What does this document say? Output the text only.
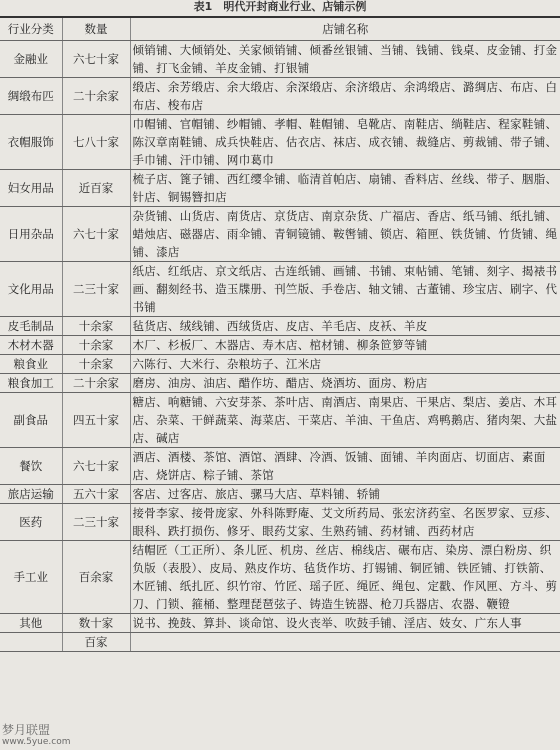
表1　明代开封商业行业、店铺示例
行业分类	数量	店铺名称
金融业	六七十家	倾销铺、大倾销处、关家倾销铺、倾番丝银铺、当铺、钱铺、钱桌、皮金铺、打金铺、打飞金铺、羊皮金铺、打银铺
绸缎布匹	二十余家	缎店、余芳缎店、余大缎店、余深缎店、余济缎店、余鸿缎店、潞绸店、布店、白布店、梭布店
衣帽服饰	七八十家	巾帽铺、官帽铺、纱帽铺、孝帽、鞋帽铺、皂靴店、南鞋店、绱鞋店、程家鞋铺、陈汉章南鞋铺、成兵快鞋店、估衣店、袜店、成衣铺、裁缝店、剪裁铺、带子铺、手巾铺、汗巾铺、网巾葛巾
妇女用品	近百家	梳子店、篦子铺、西红缨伞铺、临清首帕店、扇铺、香料店、丝线、带子、胭脂、针店、铜锡簪扣店
日用杂品	六七十家	杂货铺、山货店、南货店、京货店、南京杂货、广福店、香店、纸马铺、纸扎铺、蜡烛店、磁器店、雨伞铺、青铜镜铺、鞍辔铺、锁店、箱匣、铁货铺、竹货铺、绳铺、漆店
文化用品	二三十家	纸店、红纸店、京文纸店、古连纸铺、画铺、书铺、束帖铺、笔铺、刻字、揭裱书画、翻刻经书、造玉牒册、刊竺版、手卷店、轴文铺、古董铺、珍宝店、刷字、代书铺
皮毛制品	十余家	毡货店、绒线铺、西绒货店、皮店、羊毛店、皮袄、羊皮
木材木器	十余家	木厂、杉板厂、木器店、寿木店、棺材铺、柳条笸箩等铺
粮食业	十余家	六陈行、大米行、杂粮坊子、江米店
粮食加工	二十余家	磨房、油房、油店、醋作坊、醋店、烧酒坊、面房、粉店
副食品	四五十家	糖店、响糖铺、六安芽茶、茶叶店、南酒店、南果店、干果店、梨店、姜店、木耳店、杂菜、干鲜蔬菜、海菜店、干菜店、羊油、干鱼店、鸡鸭鹅店、猪肉架、大盐店、碱店
餐饮	六七十家	酒店、酒楼、茶馆、酒馆、酒肆、冷酒、饭铺、面铺、羊肉面店、切面店、素面店、烧饼店、粽子铺、茶馆
旅店运输	五六十家	客店、过客店、旅店、骡马大店、草料铺、轿铺
医药	二三十家	接骨李家、接骨庞家、外科陈野庵、艾文所药局、张宏济药室、名医罗家、豆疹、眼科、跌打损伤、修牙、眼药艾家、生熟药铺、药材铺、西药材店
手工业	百余家	结帽匠（工正所）、条儿匠、机房、丝店、棉线店、碾布店、染房、漂白粉房、织负版（表股）、皮局、熟皮作坊、毡货作坊、打锡铺、铜匠铺、铁匠铺、打铁箭、木匠铺、纸扎匠、织竹帘、竹匠、瑶子匠、绳匠、绳包、定戳、作风匣、方斗、剪刀、门锁、箍桶、整理琵琶弦子、铸造生铳器、枪刀兵器店、农器、鞭镫
其他	数十家	说书、挽鼓、算卦、谈命馆、设火丧举、吹鼓手铺、淫店、妓女、广东人事
	百家	
梦月联盟
www.5yue.com
